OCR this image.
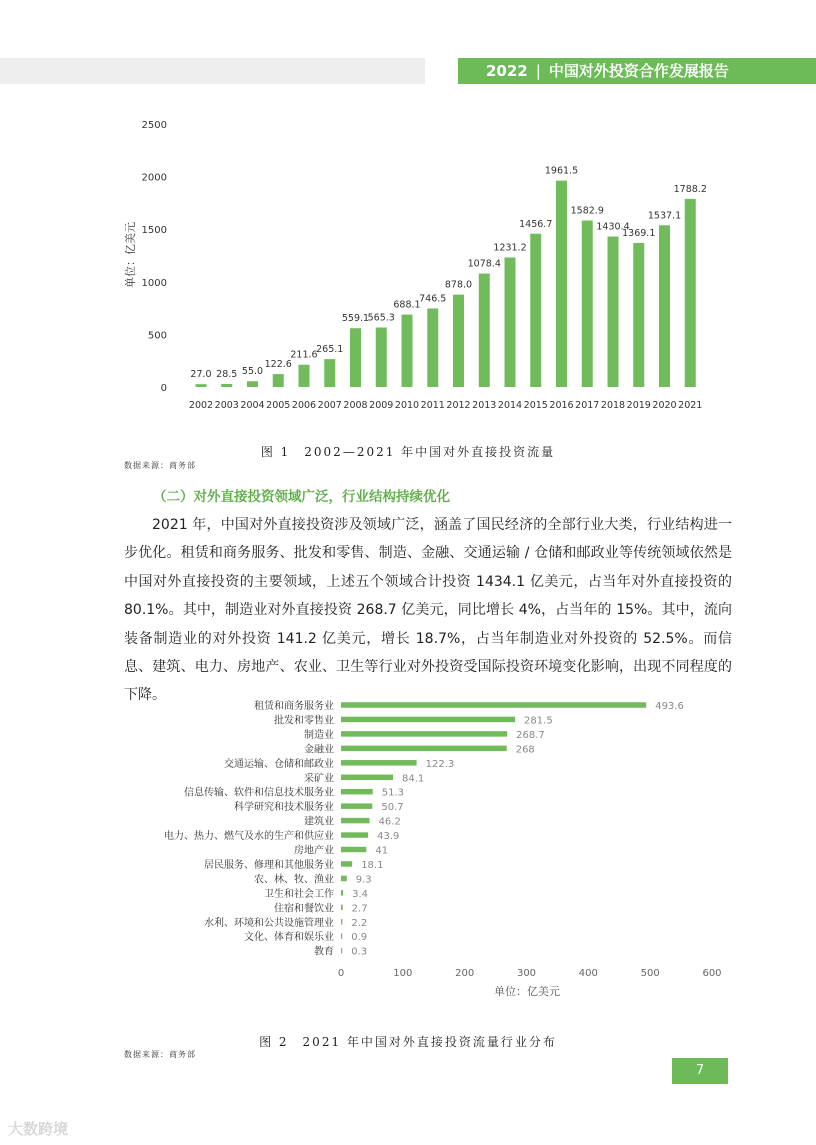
2022 | 中国对外投资合作发展报告
0
500
1000
1500
2000
2500
单位：亿美元
27.0
2002
28.5
2003
55.0
2004
122.6
2005
211.6
2006
265.1
2007
559.1
2008
565.3
2009
688.1
2010
746.5
2011
878.0
2012
1078.4
2013
1231.2
2014
1456.7
2015
1961.5
2016
1582.9
2017
1430.4
2018
1369.1
2019
1537.1
2020
1788.2
2021
图 1　2002—2021 年中国对外直接投资流量
数据来源：商务部
（二）对外直接投资领域广泛，行业结构持续优化
2021 年，中国对外直接投资涉及领域广泛，涵盖了国民经济的全部行业大类，行业结构进一步优化。租赁和商务服务、批发和零售、制造、金融、交通运输 / 仓储和邮政业等传统领域依然是中国对外直接投资的主要领域，上述五个领域合计投资 1434.1 亿美元，占当年对外直接投资的 80.1%。其中，制造业对外直接投资 268.7 亿美元，同比增长 4%，占当年的 15%。其中，流向装备制造业的对外投资 141.2 亿美元，增长 18.7%，占当年制造业对外投资的 52.5%。而信息、建筑、电力、房地产、农业、卫生等行业对外投资受国际投资环境变化影响，出现不同程度的下降。
租赁和商务服务业	493.6
批发和零售业	281.5
制造业	268.7
金融业	268
交通运输、仓储和邮政业	122.3
采矿业	84.1
信息传输、软件和信息技术服务业	51.3
科学研究和技术服务业	50.7
建筑业	46.2
电力、热力、燃气及水的生产和供应业	43.9
房地产业	41
居民服务、修理和其他服务业	18.1
农、林、牧、渔业 9.3
卫生和社会工作 3.4
住宿和餐饮业 2.7
水利、环境和公共设施管理业 2.2
文化、体育和娱乐业 0.9
教育 0.3
0	100	200	300	400	500	600
单位：亿美元
图 2　2021 年中国对外直接投资流量行业分布
数据来源：商务部
7
大数跨境
